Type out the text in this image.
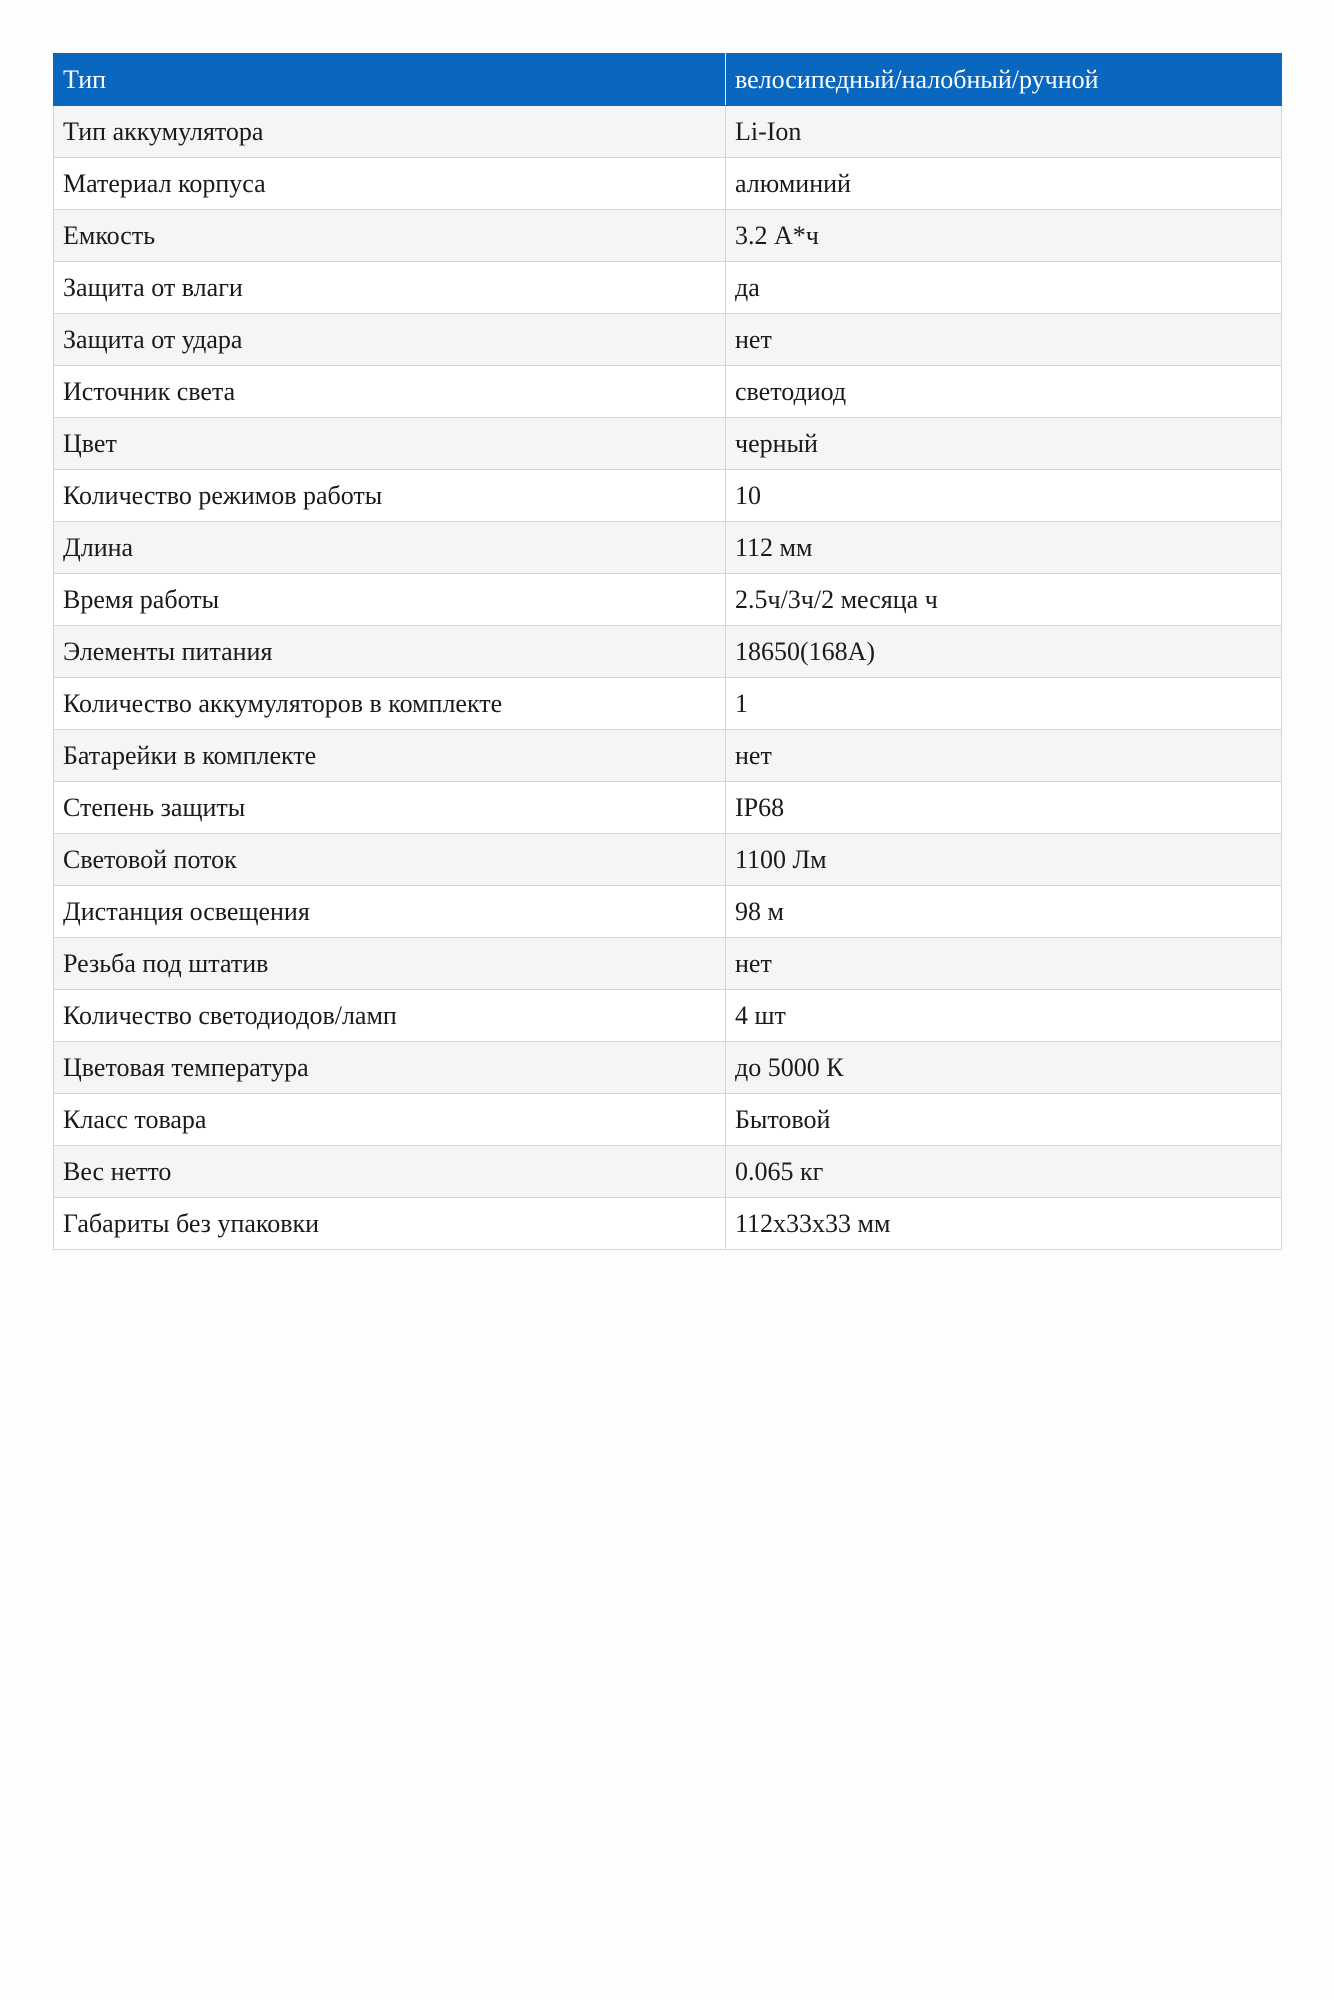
Тип	велосипедный/налобный/ручной
Тип аккумулятора	Li-Ion
Материал корпуса	алюминий
Емкость	3.2 А*ч
Защита от влаги	да
Защита от удара	нет
Источник света	светодиод
Цвет	черный
Количество режимов работы	10
Длина	112 мм
Время работы	2.5ч/3ч/2 месяца ч
Элементы питания	18650(168A)
Количество аккумуляторов в комплекте	1
Батарейки в комплекте	нет
Степень защиты	IP68
Световой поток	1100 Лм
Дистанция освещения	98 м
Резьба под штатив	нет
Количество светодиодов/ламп	4 шт
Цветовая температура	до 5000 К
Класс товара	Бытовой
Вес нетто	0.065 кг
Габариты без упаковки	112x33x33 мм
